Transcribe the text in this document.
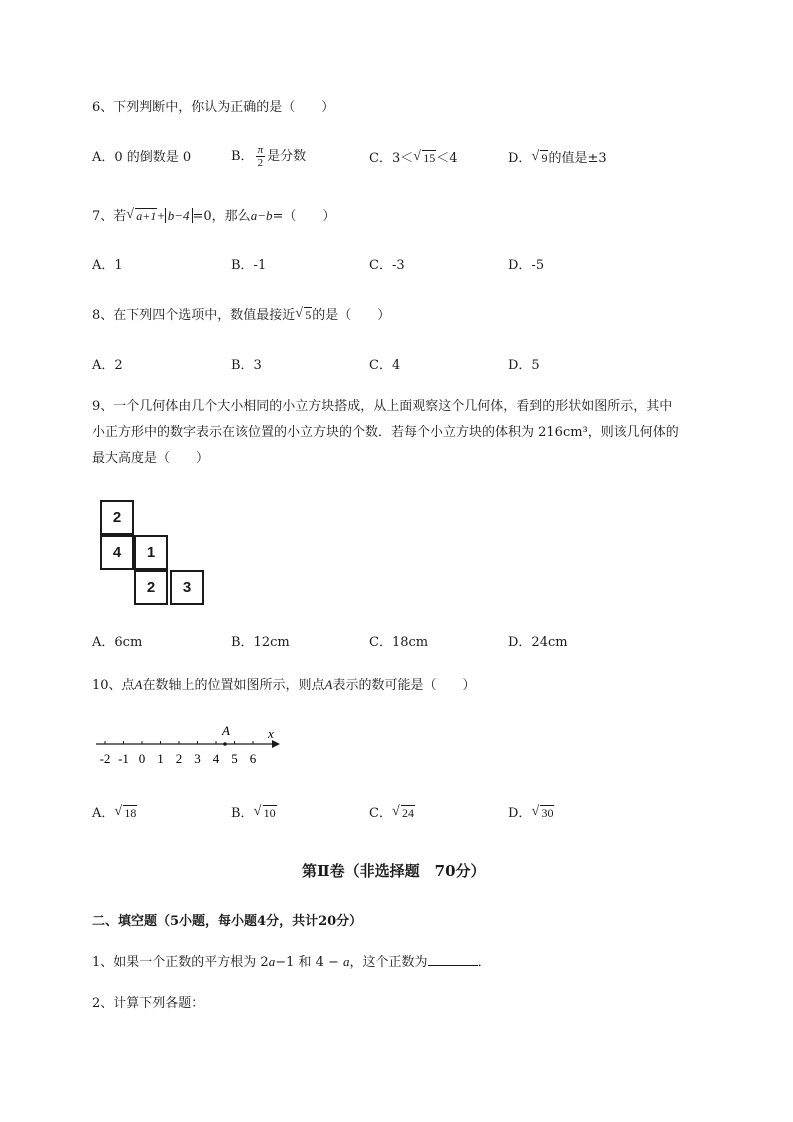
6、下列判断中，你认为正确的是（　　）
A．0 的倒数是 0	B． $\frac{\pi}{2}$ 是分数	C．3＜ √ 15＜4	D． √ 9的值是±3
7、若 √ a+1+ b−4 =0，那么a−b=（　　）
A．1	B．-1	C．-3	D．-5
8、在下列四个选项中，数值最接近 √ 5的是（　　）
A．2	B．3	C．4	D．5
9、一个几何体由几个大小相同的小立方块搭成，从上面观察这个几何体，看到的形状如图所示，其中
小正方形中的数字表示在该位置的小立方块的个数．若每个小立方块的体积为 216cm³，则该几何体的
最大高度是（　　）
2
4	1
2	3
A．6cm	B．12cm	C．18cm	D．24cm
10、点A在数轴上的位置如图所示，则点A表示的数可能是（　　）
-2 -1 0 1 2 3 4 5 6
A	x
A． √ 18	B． √ 10	C． √ 24	D． √ 30
第Ⅱ卷（非选择题　70分）
二、填空题（5小题，每小题4分，共计20分）
1、如果一个正数的平方根为 2a−1 和 4 − a，这个正数为	．
2、计算下列各题：
